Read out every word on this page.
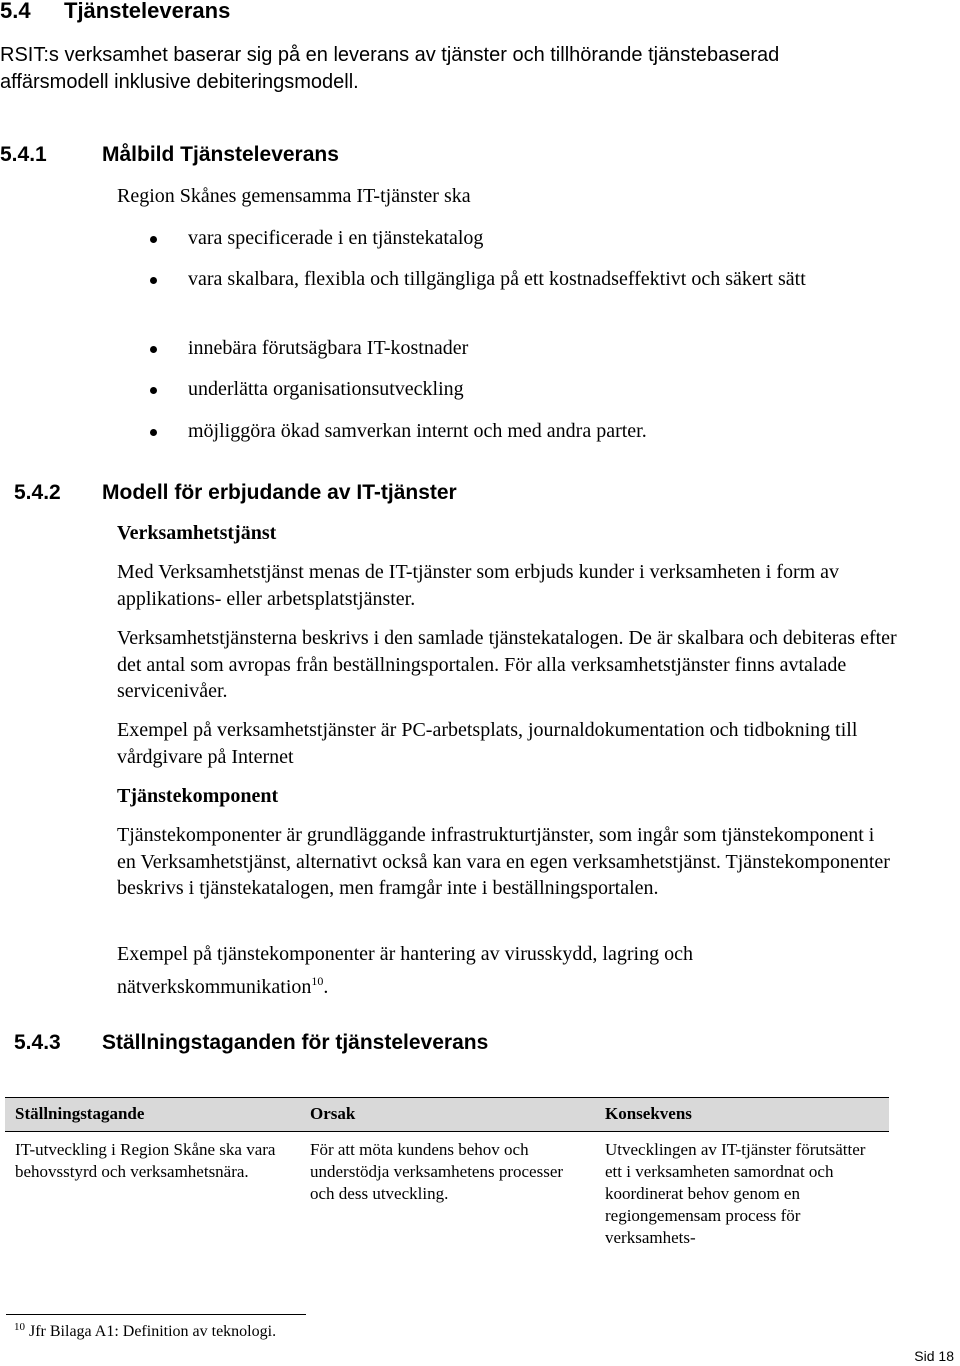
5.4 Tjänsteleverans
RSIT:s verksamhet baserar sig på en leverans av tjänster och tillhörande tjänstebaserad affärsmodell inklusive debiteringsmodell.
5.4.1	Målbild Tjänsteleverans
Region Skånes gemensamma IT-tjänster ska
vara specificerade i en tjänstekatalog
vara skalbara, flexibla och tillgängliga på ett kostnadseffektivt och säkert sätt
innebära förutsägbara IT-kostnader
underlätta organisationsutveckling
möjliggöra ökad samverkan internt och med andra parter.
5.4.2 Modell för erbjudande av IT-tjänster
Verksamhetstjänst
Med Verksamhetstjänst menas de IT-tjänster som erbjuds kunder i verksamheten i form av applikations- eller arbetsplatstjänster.
Verksamhetstjänsterna beskrivs i den samlade tjänstekatalogen. De är skalbara och debiteras efter det antal som avropas från beställningsportalen. För alla verksamhetstjänster finns avtalade servicenivåer.
Exempel på verksamhetstjänster är PC-arbetsplats, journaldokumentation och tidbokning till vårdgivare på Internet
Tjänstekomponent
Tjänstekomponenter är grundläggande infrastrukturtjänster, som ingår som tjänstekomponent i en Verksamhetstjänst, alternativt också kan vara en egen verksamhetstjänst. Tjänstekomponenter beskrivs i tjänstekatalogen, men framgår inte i beställningsportalen.
Exempel på tjänstekomponenter är hantering av virusskydd, lagring och nätverkskommunikation$^{10}$.
5.4.3 Ställningstaganden för tjänsteleverans
Ställningstagande	Orsak	Konsekvens
IT-utveckling i Region Skåne ska vara behovsstyrd och verksamhetsnära.	För att möta kundens behov och understödja verksamhetens processer och dess utveckling.	Utvecklingen av IT-tjänster förutsätter ett i verksamheten samordnat och koordinerat behov genom en regiongemensam process för verksamhets-
$^{10}$ Jfr Bilaga A1: Definition av teknologi.
Sid 18
